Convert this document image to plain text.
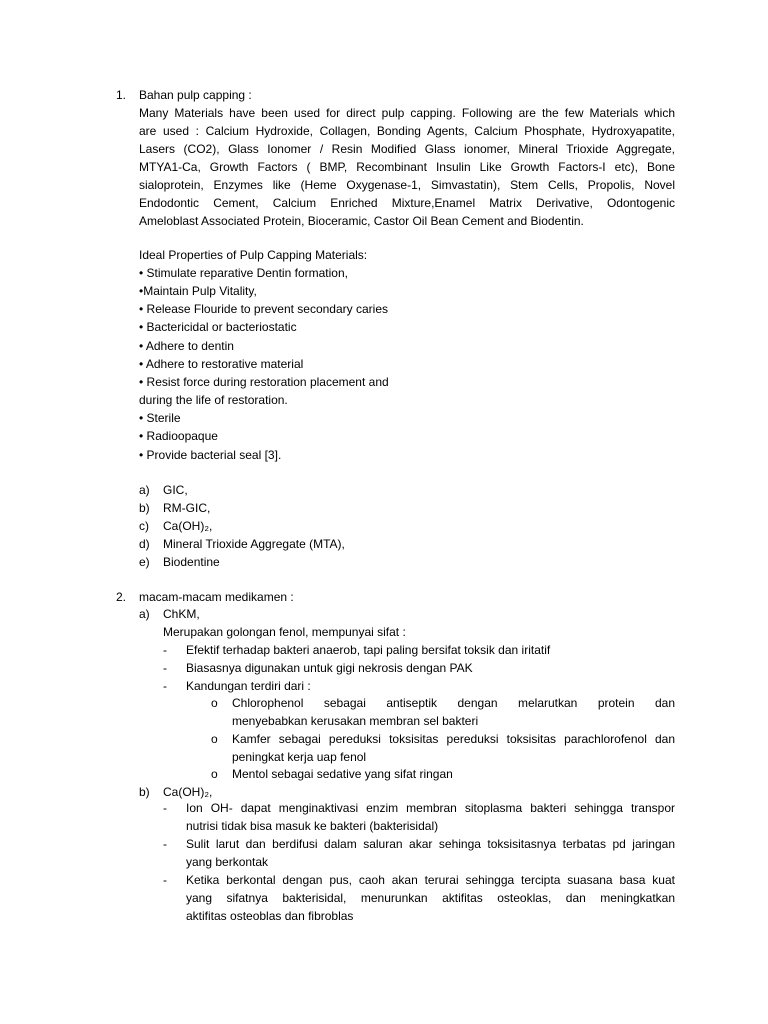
1. Bahan pulp capping :
Many Materials have been used for direct pulp capping. Following are the few Materials which
are used : Calcium Hydroxide, Collagen, Bonding Agents, Calcium Phosphate, Hydroxyapatite,
Lasers (CO2), Glass Ionomer / Resin Modified Glass ionomer, Mineral Trioxide Aggregate,
MTYA1-Ca, Growth Factors ( BMP, Recombinant Insulin Like Growth Factors-I etc), Bone
sialoprotein, Enzymes like (Heme Oxygenase-1, Simvastatin), Stem Cells, Propolis, Novel
Endodontic Cement, Calcium Enriched Mixture,Enamel Matrix Derivative, Odontogenic
Ameloblast Associated Protein, Bioceramic, Castor Oil Bean Cement and Biodentin.
Ideal Properties of Pulp Capping Materials:
• Stimulate reparative Dentin formation,
•Maintain Pulp Vitality,
• Release Flouride to prevent secondary caries
• Bactericidal or bacteriostatic
• Adhere to dentin
• Adhere to restorative material
• Resist force during restoration placement and
during the life of restoration.
• Sterile
• Radioopaque
• Provide bacterial seal [3].
a) GIC,
b) RM-GIC,
c) Ca(OH)₂,
d) Mineral Trioxide Aggregate (MTA),
e) Biodentine
2. macam-macam medikamen :
a) ChKM,
Merupakan golongan fenol, mempunyai sifat :
- Efektif terhadap bakteri anaerob, tapi paling bersifat toksik dan iritatif
- Biasasnya digunakan untuk gigi nekrosis dengan PAK
- Kandungan terdiri dari :
o Chlorophenol sebagai antiseptik dengan melarutkan protein dan
menyebabkan kerusakan membran sel bakteri
o Kamfer sebagai pereduksi toksisitas pereduksi toksisitas parachlorofenol dan
peningkat kerja uap fenol
o Mentol sebagai sedative yang sifat ringan
b) Ca(OH)₂,
- Ion OH- dapat menginaktivasi enzim membran sitoplasma bakteri sehingga transpor
nutrisi tidak bisa masuk ke bakteri (bakterisidal)
- Sulit larut dan berdifusi dalam saluran akar sehinga toksisitasnya terbatas pd jaringan
yang berkontak
- Ketika berkontal dengan pus, caoh akan terurai sehingga tercipta suasana basa kuat
yang sifatnya bakterisidal, menurunkan aktifitas osteoklas, dan meningkatkan
aktifitas osteoblas dan fibroblas
